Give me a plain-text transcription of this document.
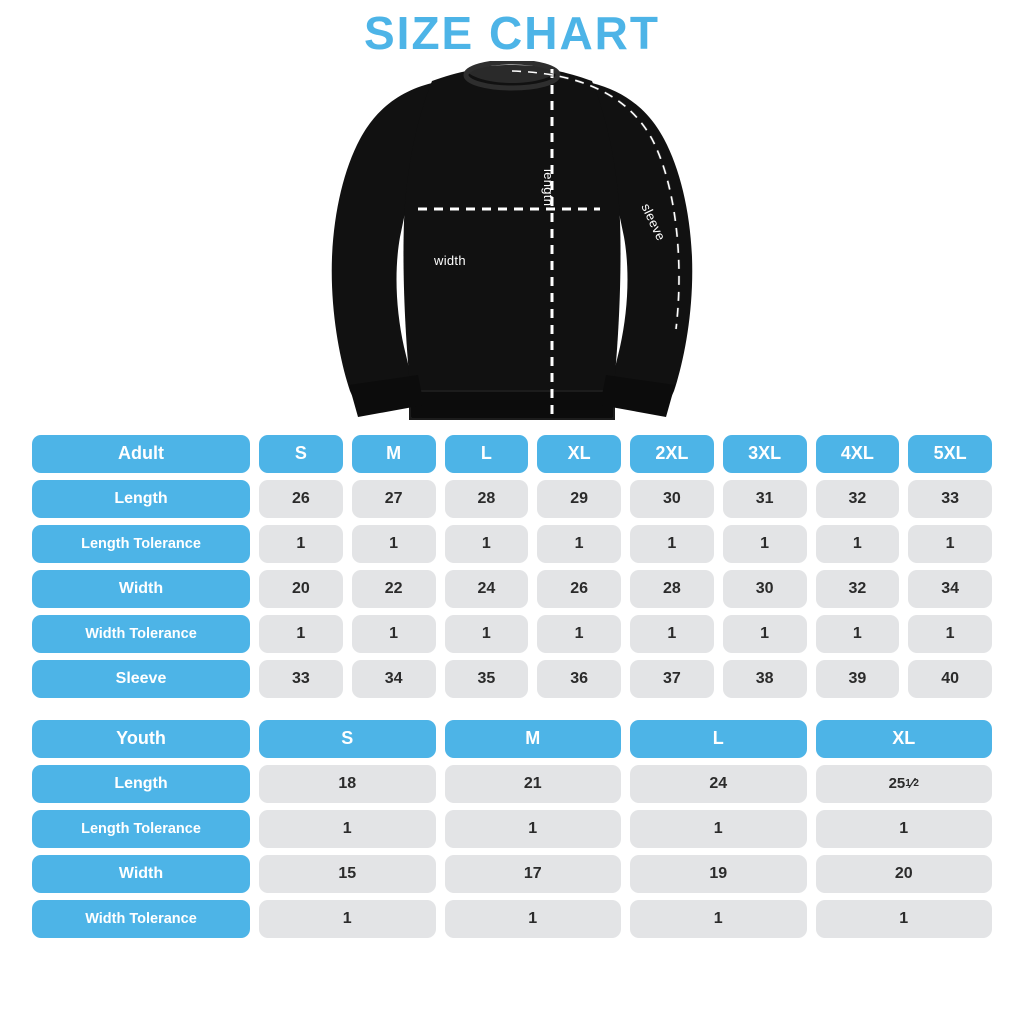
SIZE CHART
width
length
sleeve
Adult	S	M	L	XL	2XL	3XL	4XL	5XL
Length	26	27	28	29	30	31	32	33
Length Tolerance	1	1	1	1	1	1	1	1
Width	20	22	24	26	28	30	32	34
Width Tolerance	1	1	1	1	1	1	1	1
Sleeve	33	34	35	36	37	38	39	40
Youth	S	M	L	XL
Length	18	21	24	25 1 ⁄ 2
Length Tolerance	1	1	1	1
Width	15	17	19	20
Width Tolerance	1	1	1	1
